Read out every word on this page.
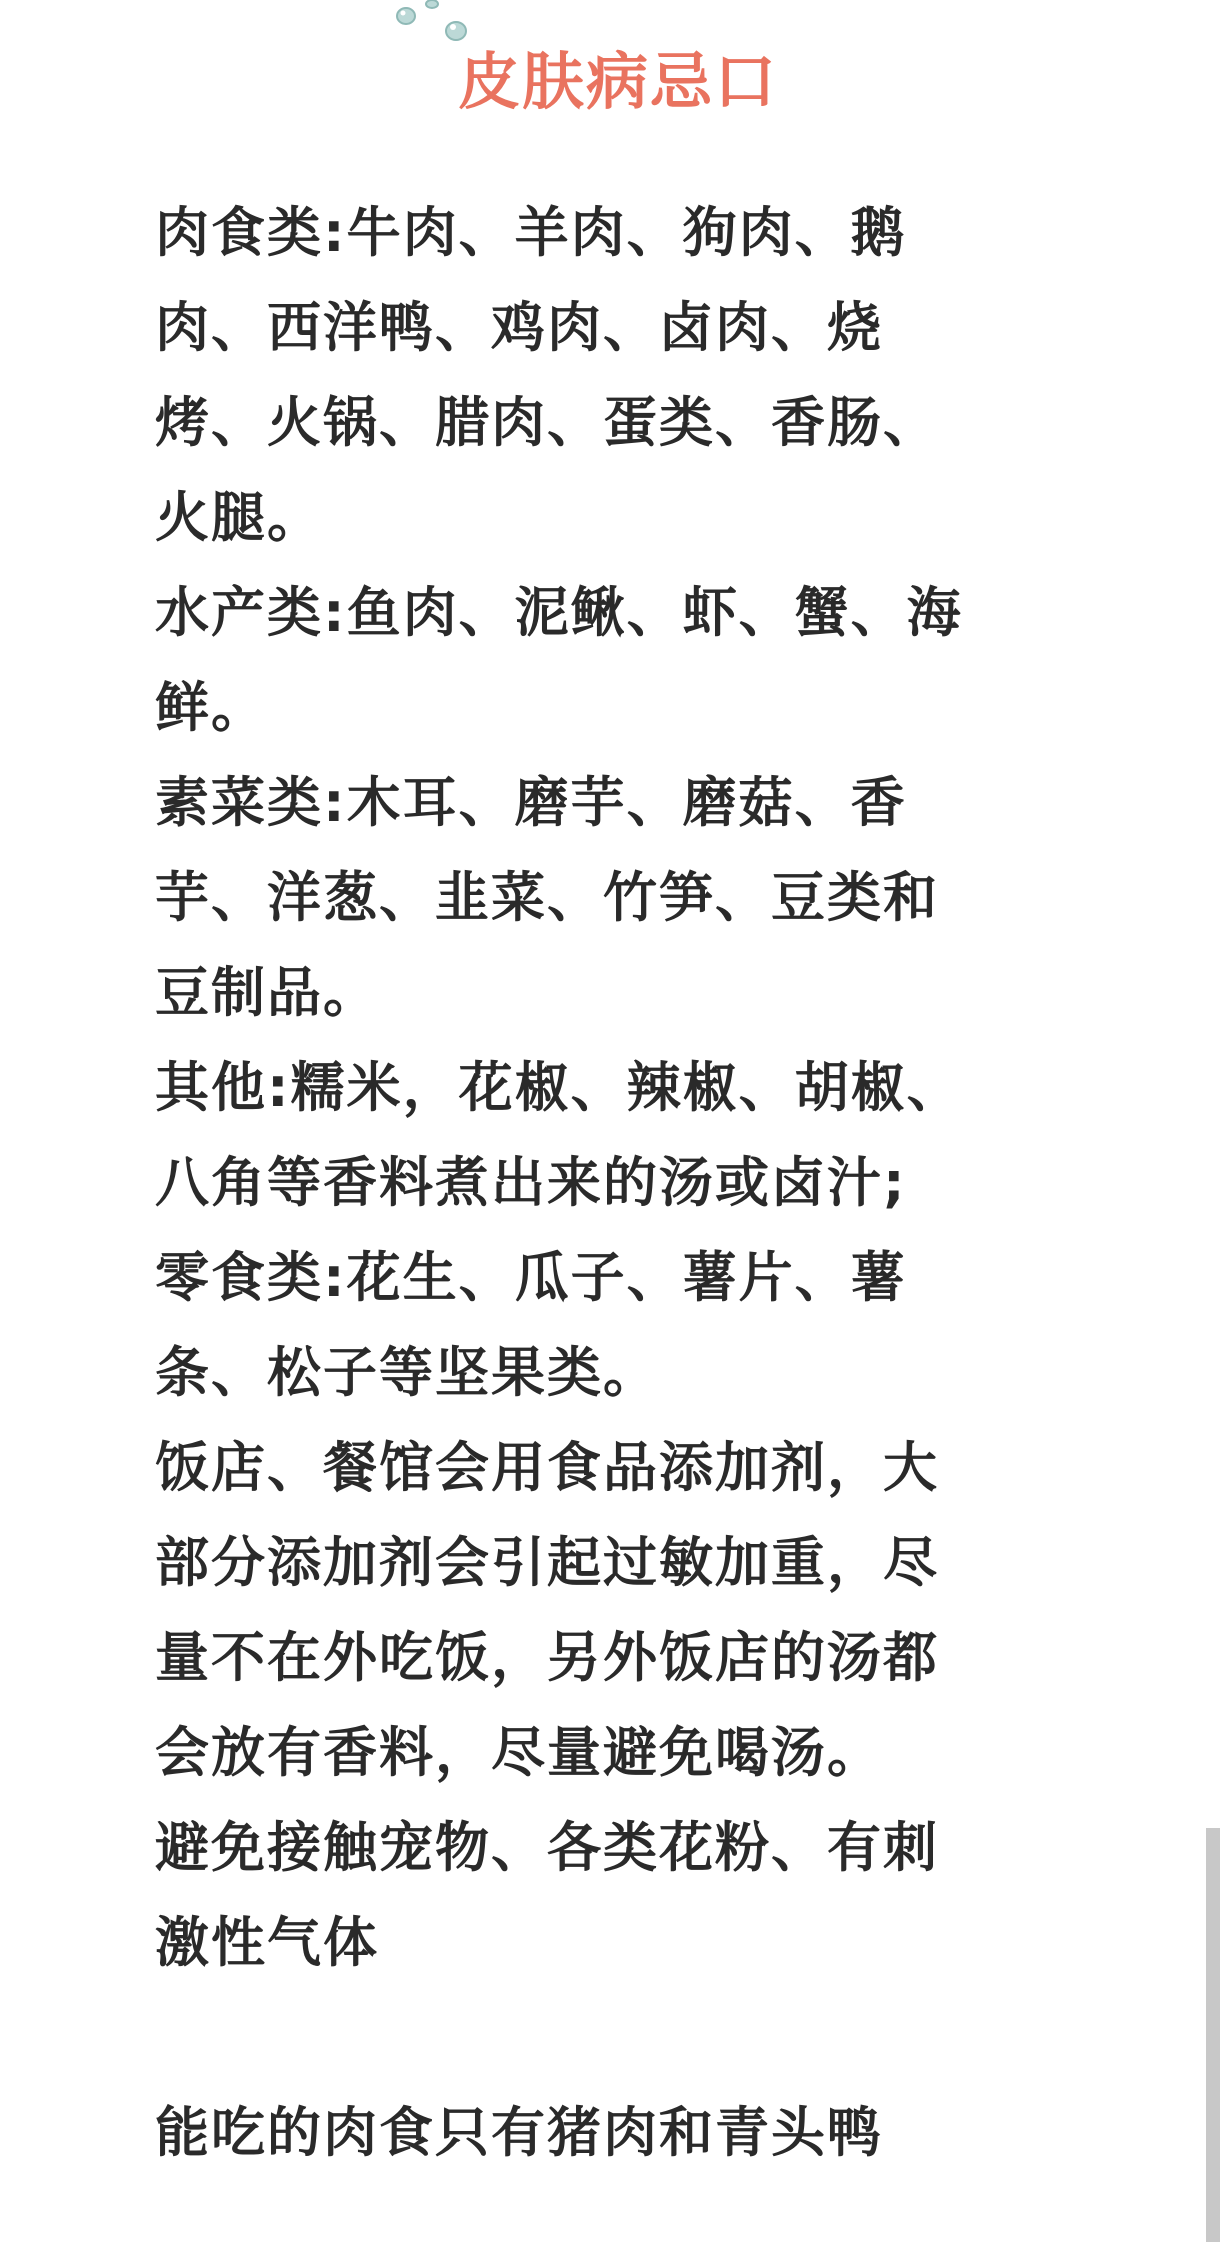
皮肤病忌口

肉食类:牛肉、羊肉、狗肉、鹅
肉、西洋鸭、鸡肉、卤肉、烧
烤、火锅、腊肉、蛋类、香肠、
火腿。

水产类:鱼肉、泥鳅、虾、蟹、海
鲜。

素菜类:木耳、磨芋、磨菇、香
芋、洋葱、韭菜、竹笋、豆类和
豆制品。

其他:糯米，花椒、辣椒、胡椒、
八角等香料煮出来的汤或卤汁;

零食类:花生、瓜子、薯片、薯
条、松子等坚果类。

饭店、餐馆会用食品添加剂，大
部分添加剂会引起过敏加重，尽
量不在外吃饭，另外饭店的汤都
会放有香料，尽量避免喝汤。

避免接触宠物、各类花粉、有刺
激性气体

能吃的肉食只有猪肉和青头鸭
